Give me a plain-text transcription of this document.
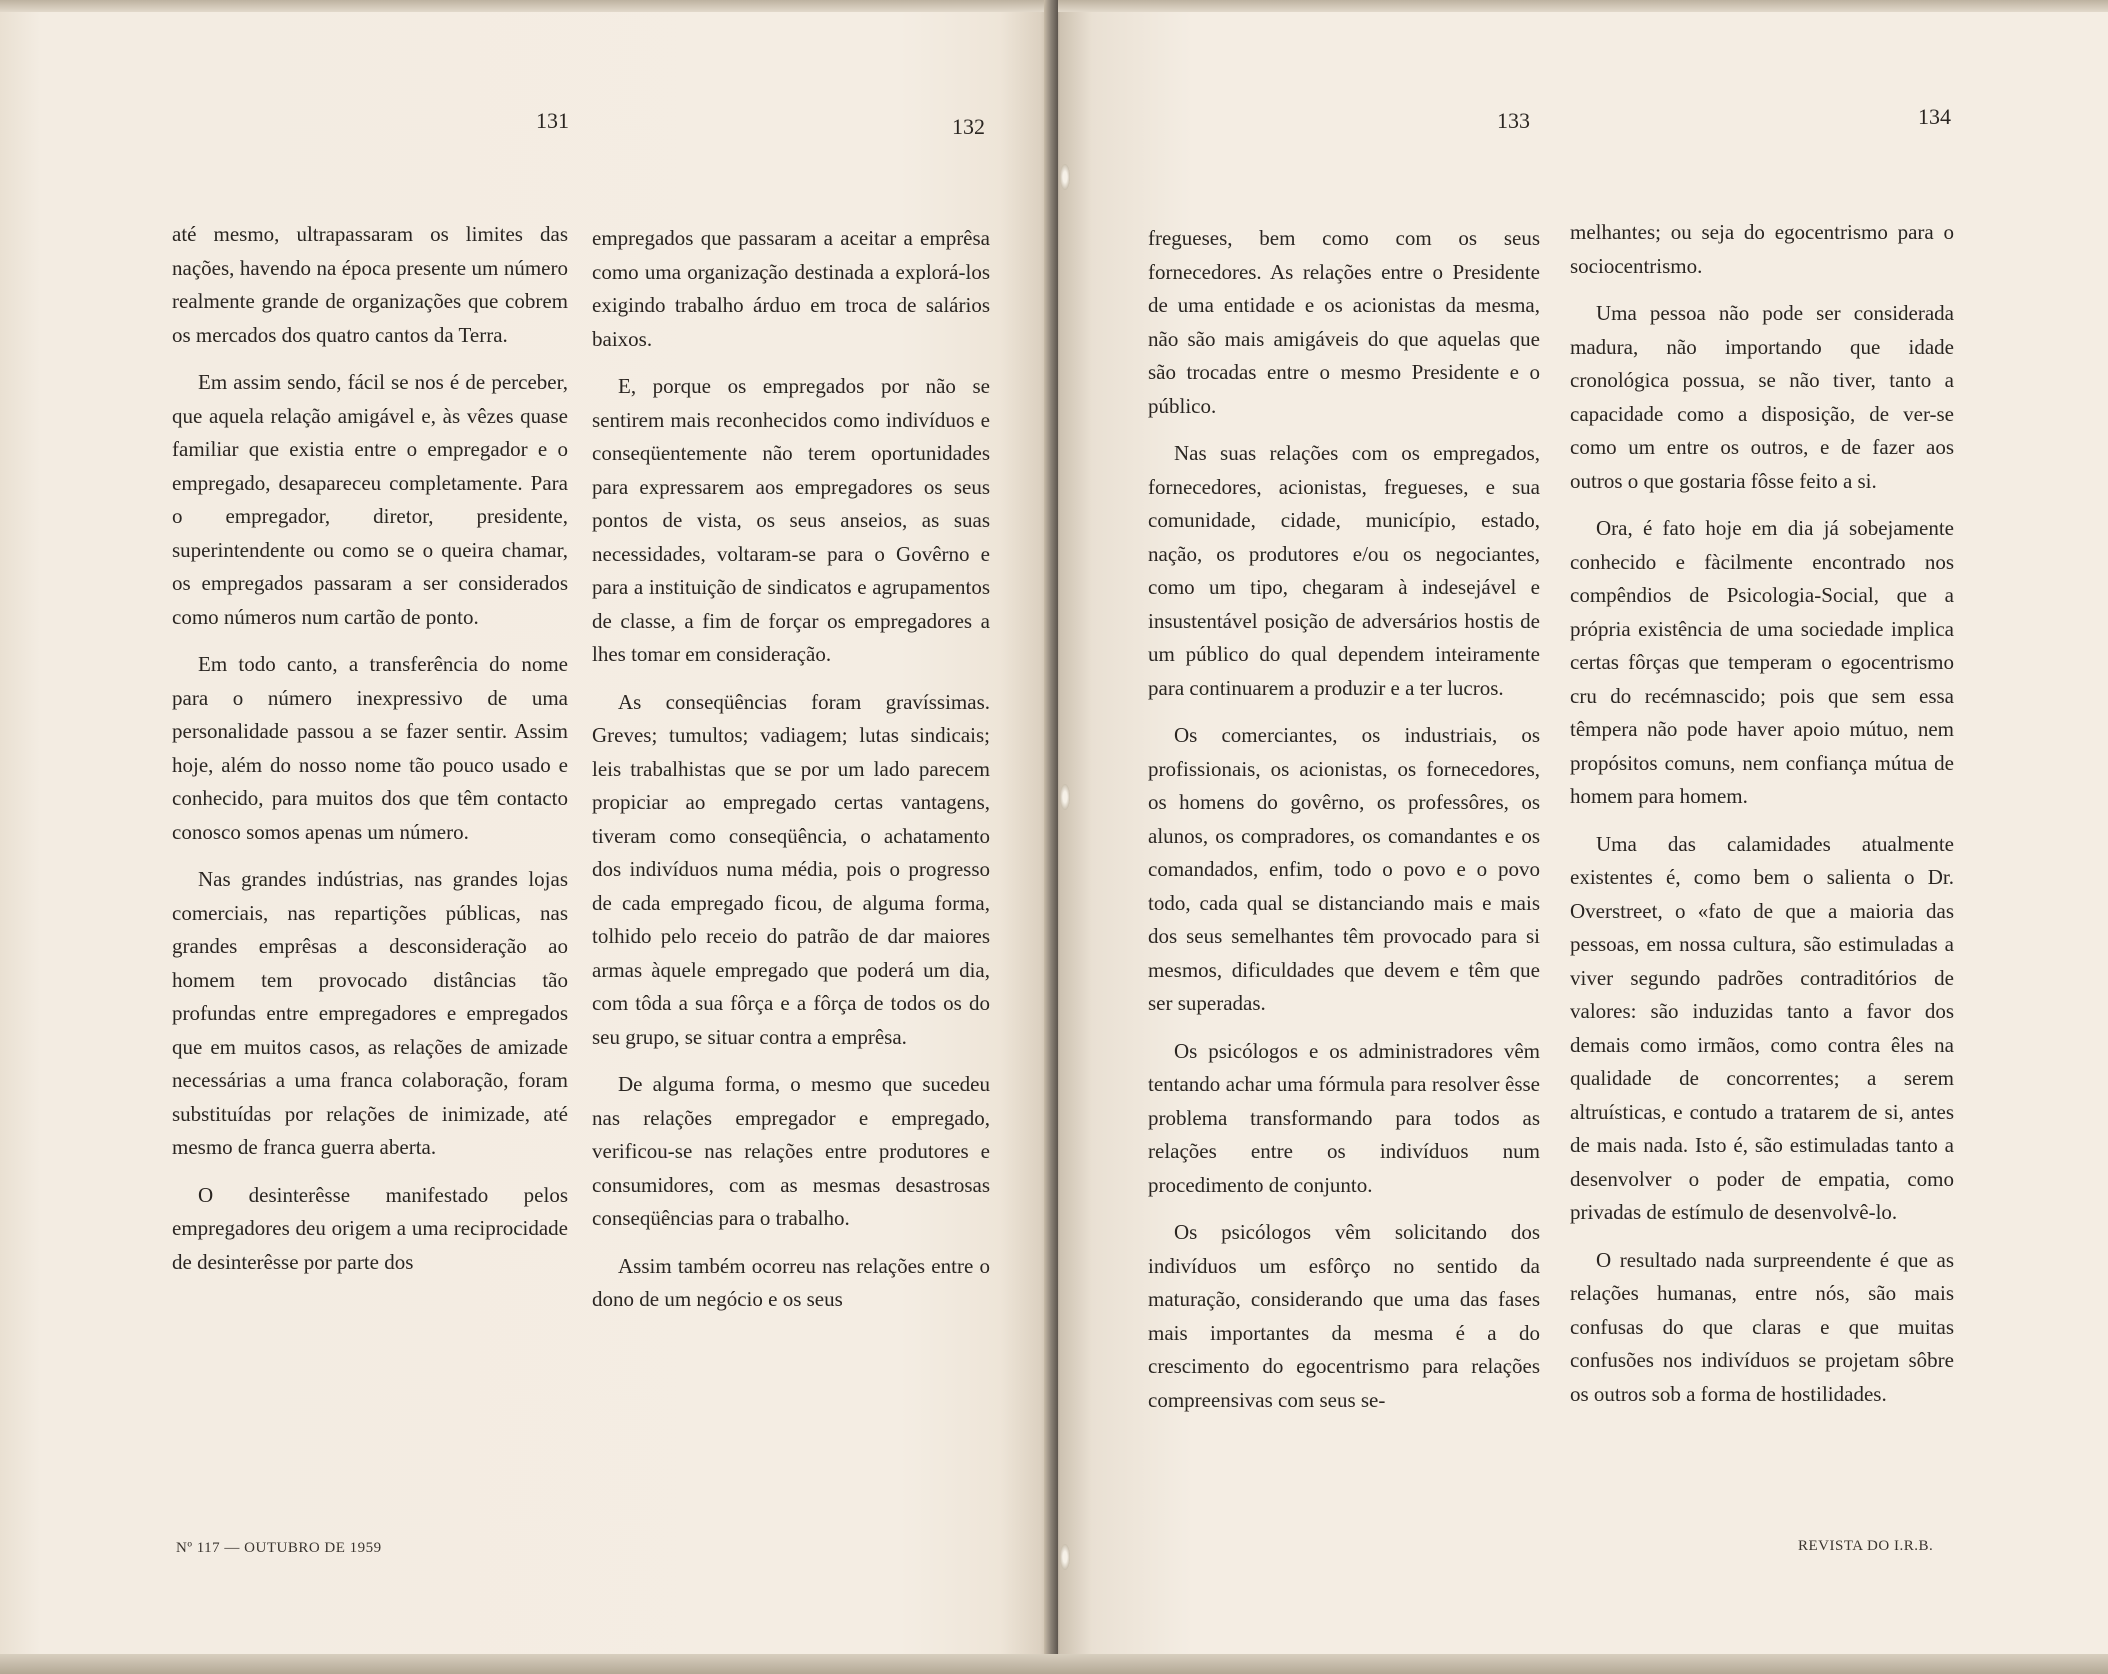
131	132	133	134

até mesmo, ultrapassaram os limites das nações, havendo na época presente um número realmente grande de organizações que cobrem os mercados dos quatro cantos da Terra.

Em assim sendo, fácil se nos é de perceber, que aquela relação amigável e, às vêzes quase familiar que existia entre o empregador e o empregado, desapareceu completamente. Para o empregador, diretor, presidente, superintendente ou como se o queira chamar, os empregados passaram a ser considerados como números num cartão de ponto.

Em todo canto, a transferência do nome para o número inexpressivo de uma personalidade passou a se fazer sentir. Assim hoje, além do nosso nome tão pouco usado e conhecido, para muitos dos que têm contacto conosco somos apenas um número.

Nas grandes indústrias, nas grandes lojas comerciais, nas repartições públicas, nas grandes emprêsas a desconsideração ao homem tem provocado distâncias tão profundas entre empregadores e empregados que em muitos casos, as relações de amizade necessárias a uma franca colaboração, foram substituídas por relações de inimizade, até mesmo de franca guerra aberta.

O desinterêsse manifestado pelos empregadores deu origem a uma reciprocidade de desinterêsse por parte dos

empregados que passaram a aceitar a emprêsa como uma organização destinada a explorá-los exigindo trabalho árduo em troca de salários baixos.

E, porque os empregados por não se sentirem mais reconhecidos como indivíduos e conseqüentemente não terem oportunidades para expressarem aos empregadores os seus pontos de vista, os seus anseios, as suas necessidades, voltaram-se para o Govêrno e para a instituição de sindicatos e agrupamentos de classe, a fim de forçar os empregadores a lhes tomar em consideração.

As conseqüências foram gravíssimas. Greves; tumultos; vadiagem; lutas sindicais; leis trabalhistas que se por um lado parecem propiciar ao empregado certas vantagens, tiveram como conseqüência, o achatamento dos indivíduos numa média, pois o progresso de cada empregado ficou, de alguma forma, tolhido pelo receio do patrão de dar maiores armas àquele empregado que poderá um dia, com tôda a sua fôrça e a fôrça de todos os do seu grupo, se situar contra a emprêsa.

De alguma forma, o mesmo que sucedeu nas relações empregador e empregado, verificou-se nas relações entre produtores e consumidores, com as mesmas desastrosas conseqüências para o trabalho.

Assim também ocorreu nas relações entre o dono de um negócio e os seus

fregueses, bem como com os seus fornecedores. As relações entre o Presidente de uma entidade e os acionistas da mesma, não são mais amigáveis do que aquelas que são trocadas entre o mesmo Presidente e o público.

Nas suas relações com os empregados, fornecedores, acionistas, fregueses, e sua comunidade, cidade, município, estado, nação, os produtores e/ou os negociantes, como um tipo, chegaram à indesejável e insustentável posição de adversários hostis de um público do qual dependem inteiramente para continuarem a produzir e a ter lucros.

Os comerciantes, os industriais, os profissionais, os acionistas, os fornecedores, os homens do govêrno, os professôres, os alunos, os compradores, os comandantes e os comandados, enfim, todo o povo e o povo todo, cada qual se distanciando mais e mais dos seus semelhantes têm provocado para si mesmos, dificuldades que devem e têm que ser superadas.

Os psicólogos e os administradores vêm tentando achar uma fórmula para resolver êsse problema transformando para todos as relações entre os indivíduos num procedimento de conjunto.

Os psicólogos vêm solicitando dos indivíduos um esfôrço no sentido da maturação, considerando que uma das fases mais importantes da mesma é a do crescimento do egocentrismo para relações compreensivas com seus se-

melhantes; ou seja do egocentrismo para o sociocentrismo.

Uma pessoa não pode ser considerada madura, não importando que idade cronológica possua, se não tiver, tanto a capacidade como a disposição, de ver-se como um entre os outros, e de fazer aos outros o que gostaria fôsse feito a si.

Ora, é fato hoje em dia já sobejamente conhecido e fàcilmente encontrado nos compêndios de Psicologia-Social, que a própria existência de uma sociedade implica certas fôrças que temperam o egocentrismo cru do recémnascido; pois que sem essa têmpera não pode haver apoio mútuo, nem propósitos comuns, nem confiança mútua de homem para homem.

Uma das calamidades atualmente existentes é, como bem o salienta o Dr. Overstreet, o «fato de que a maioria das pessoas, em nossa cultura, são estimuladas a viver segundo padrões contraditórios de valores: são induzidas tanto a favor dos demais como irmãos, como contra êles na qualidade de concorrentes; a serem altruísticas, e contudo a tratarem de si, antes de mais nada. Isto é, são estimuladas tanto a desenvolver o poder de empatia, como privadas de estímulo de desenvolvê-lo.

O resultado nada surpreendente é que as relações humanas, entre nós, são mais confusas do que claras e que muitas confusões nos indivíduos se projetam sôbre os outros sob a forma de hostilidades.

Nº 117 — OUTUBRO DE 1959	REVISTA DO I.R.B.
